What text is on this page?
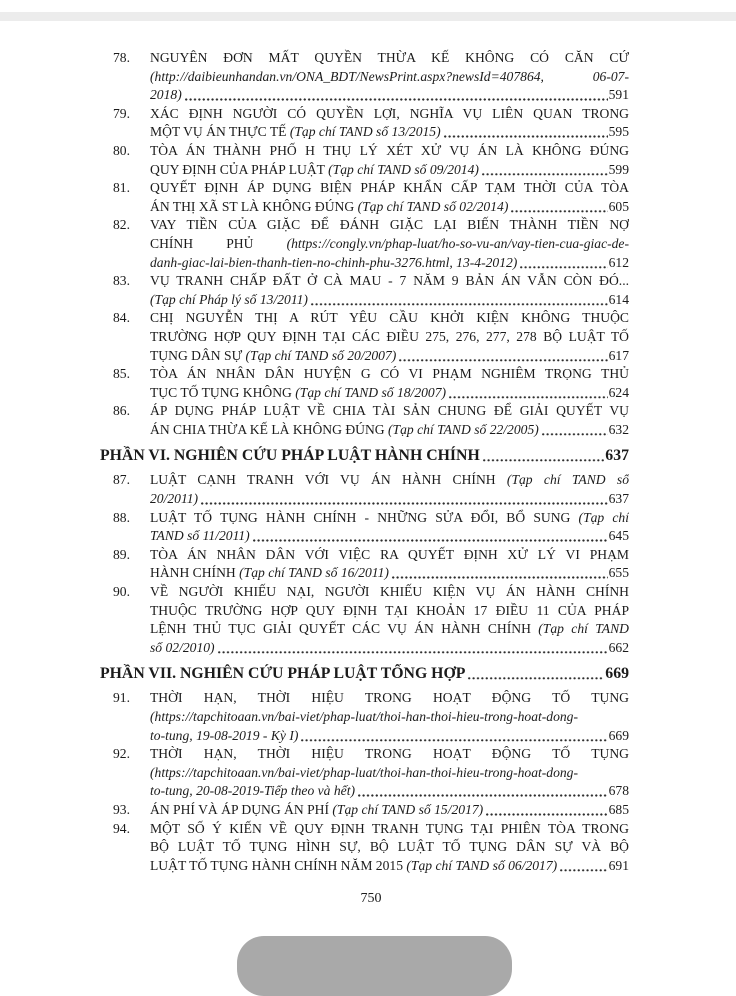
78.	NGUYÊN ĐƠN MẤT QUYỀN THỪA KẾ KHÔNG CÓ CĂN CỨ
(http://daibieunhandan.vn/ONA_BDT/NewsPrint.aspx?newsId=407864, 06-07-
2018)	591
79.	XÁC ĐỊNH NGƯỜI CÓ QUYỀN LỢI, NGHĨA VỤ LIÊN QUAN TRONG
MỘT VỤ ÁN THỰC TẾ (Tạp chí TAND số 13/2015)	595
80.	TÒA ÁN THÀNH PHỐ H THỤ LÝ XÉT XỬ VỤ ÁN LÀ KHÔNG ĐÚNG
QUY ĐỊNH CỦA PHÁP LUẬT (Tạp chí TAND số 09/2014)	599
81.	QUYẾT ĐỊNH ÁP DỤNG BIỆN PHÁP KHẨN CẤP TẠM THỜI CỦA TÒA
ÁN THỊ XÃ ST LÀ KHÔNG ĐÚNG (Tạp chí TAND số 02/2014)	605
82.	VAY TIỀN CỦA GIẶC ĐỂ ĐÁNH GIẶC LẠI BIẾN THÀNH TIỀN NỢ
CHÍNH PHỦ (https://congly.vn/phap-luat/ho-so-vu-an/vay-tien-cua-giac-de-
danh-giac-lai-bien-thanh-tien-no-chinh-phu-3276.html, 13-4-2012)	612
83.	VỤ TRANH CHẤP ĐẤT Ở CÀ MAU - 7 NĂM 9 BẢN ÁN VẪN CÒN ĐÓ...
(Tạp chí Pháp lý số 13/2011)	614
84.	CHỊ NGUYỄN THỊ A RÚT YÊU CẦU KHỞI KIỆN KHÔNG THUỘC
TRƯỜNG HỢP QUY ĐỊNH TẠI CÁC ĐIỀU 275, 276, 277, 278 BỘ LUẬT TỐ
TỤNG DÂN SỰ (Tạp chí TAND số 20/2007)	617
85.	TÒA ÁN NHÂN DÂN HUYỆN G CÓ VI PHẠM NGHIÊM TRỌNG THỦ
TỤC TỐ TỤNG KHÔNG (Tạp chí TAND số 18/2007)	624
86.	ÁP DỤNG PHÁP LUẬT VỀ CHIA TÀI SẢN CHUNG ĐỂ GIẢI QUYẾT VỤ
ÁN CHIA THỪA KẾ LÀ KHÔNG ĐÚNG (Tạp chí TAND số 22/2005)	632
PHẦN VI. NGHIÊN CỨU PHÁP LUẬT HÀNH CHÍNH	637
87.	LUẬT CẠNH TRANH VỚI VỤ ÁN HÀNH CHÍNH (Tạp chí TAND số
20/2011)	637
88.	LUẬT TỐ TỤNG HÀNH CHÍNH - NHỮNG SỬA ĐỔI, BỔ SUNG (Tạp chí
TAND số 11/2011)	645
89.	TÒA ÁN NHÂN DÂN VỚI VIỆC RA QUYẾT ĐỊNH XỬ LÝ VI PHẠM
HÀNH CHÍNH (Tạp chí TAND số 16/2011)	655
90.	VỀ NGƯỜI KHIẾU NẠI, NGƯỜI KHIẾU KIỆN VỤ ÁN HÀNH CHÍNH
THUỘC TRƯỜNG HỢP QUY ĐỊNH TẠI KHOẢN 17 ĐIỀU 11 CỦA PHÁP
LỆNH THỦ TỤC GIẢI QUYẾT CÁC VỤ ÁN HÀNH CHÍNH (Tạp chí TAND
số 02/2010)	662
PHẦN VII. NGHIÊN CỨU PHÁP LUẬT TỔNG HỢP	669
91.	THỜI HẠN, THỜI HIỆU TRONG HOẠT ĐỘNG TỐ TỤNG
(https://tapchitoaan.vn/bai-viet/phap-luat/thoi-han-thoi-hieu-trong-hoat-dong-
to-tung, 19-08-2019 - Kỳ I)	669
92.	THỜI HẠN, THỜI HIỆU TRONG HOẠT ĐỘNG TỐ TỤNG
(https://tapchitoaan.vn/bai-viet/phap-luat/thoi-han-thoi-hieu-trong-hoat-dong-
to-tung, 20-08-2019-Tiếp theo và hết)	678
93.	ÁN PHÍ VÀ ÁP DỤNG ÁN PHÍ (Tạp chí TAND số 15/2017)	685
94.	MỘT SỐ Ý KIẾN VỀ QUY ĐỊNH TRANH TỤNG TẠI PHIÊN TÒA TRONG
BỘ LUẬT TỐ TỤNG HÌNH SỰ, BỘ LUẬT TỐ TỤNG DÂN SỰ VÀ BỘ
LUẬT TỐ TỤNG HÀNH CHÍNH NĂM 2015 (Tạp chí TAND số 06/2017)	691
750
